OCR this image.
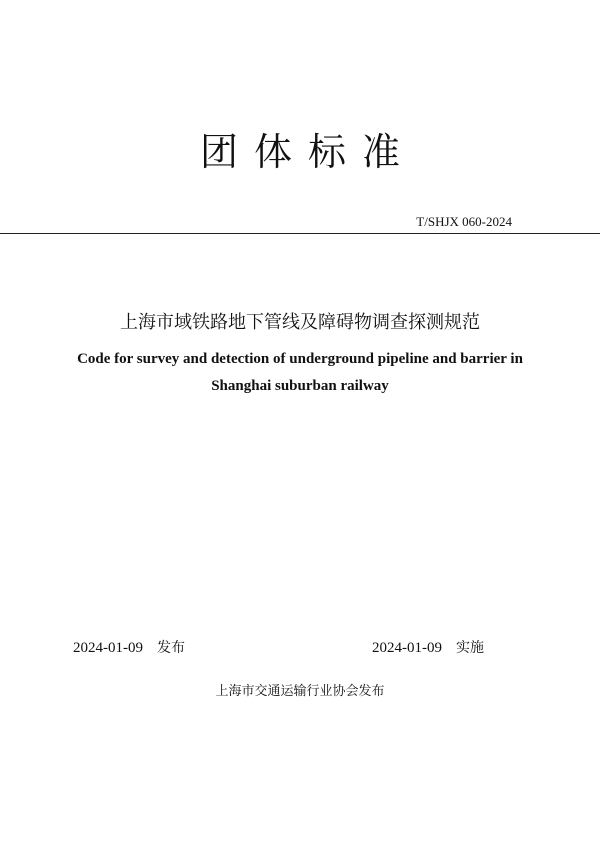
团体标准
T/SHJX 060-2024
上海市域铁路地下管线及障碍物调查探测规范
Code for survey and detection of underground pipeline and barrier in
Shanghai suburban railway
2024-01-09 发布	2024-01-09 实施
上海市交通运输行业协会发布
